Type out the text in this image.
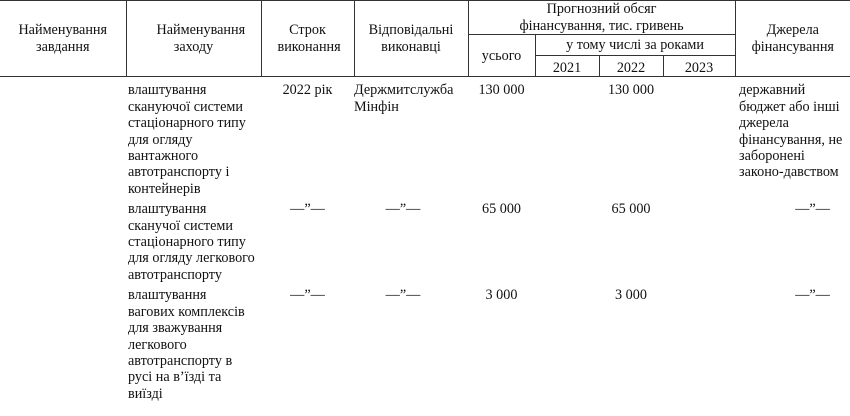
Найменування завдання	Найменування заходу	Строк виконання	Відповідальні виконавці	Прогнозний обсяг фінансування, тис. гривень				Джерела фінансування
				усього	у тому числі за роками			
					2021	2022	2023	
	влаштування скануючої системи стаціонарного типу для огляду вантажного автотранспорту і контейнерів	2022 рік	Держмитслужба Мінфін	130 000		130 000		державний бюджет або інші джерела фінансування, не заборонені законо-давством
	влаштування сканучої системи стаціонарного типу для огляду легкового автотранспорту	—”—	—”—	65 000		65 000		—”—
	влаштування вагових комплексів для зважування легкового автотранспорту в русі на в’їзді та виїзді	—”—	—”—	3 000		3 000		—”—
